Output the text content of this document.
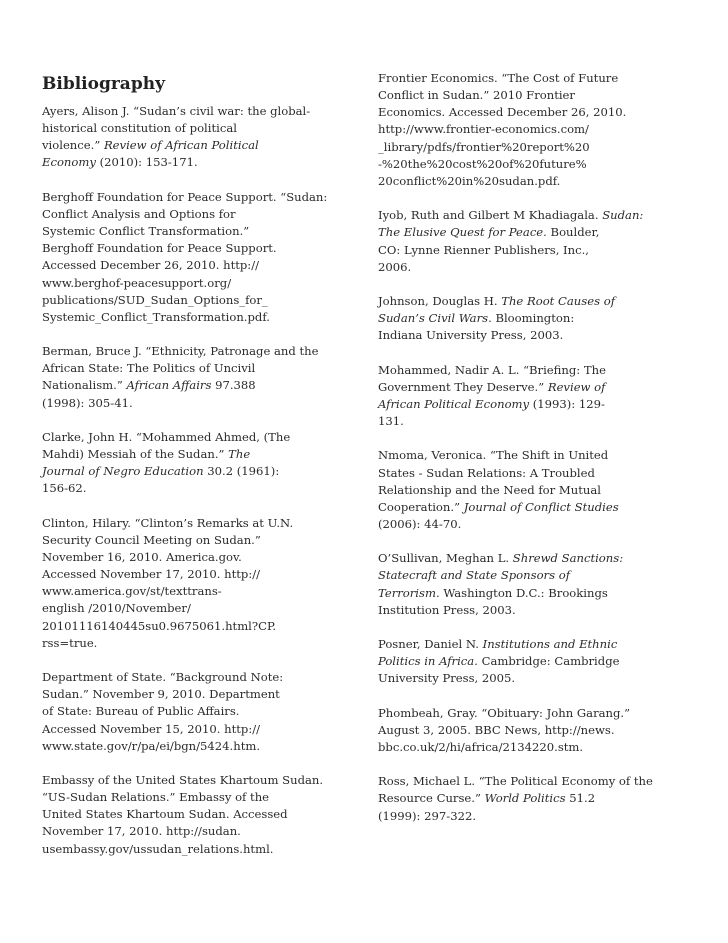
Bibliography
Ayers, Alison J. “Sudan’s civil war: the global-
historical constitution of political
violence.” Review of African Political
Economy (2010): 153-171.
Berghoff Foundation for Peace Support. “Sudan:
Conflict Analysis and Options for
Systemic Conflict Transformation.”
Berghoff Foundation for Peace Support.
Accessed December 26, 2010. http://
www.berghof-peacesupport.org/
publications/SUD_Sudan_Options_for_
Systemic_Conflict_Transformation.pdf.
Berman, Bruce J. “Ethnicity, Patronage and the
African State: The Politics of Uncivil
Nationalism.” African Affairs 97.388
(1998): 305-41.
Clarke, John H. “Mohammed Ahmed, (The
Mahdi) Messiah of the Sudan.” The
Journal of Negro Education 30.2 (1961):
156-62.
Clinton, Hilary. “Clinton’s Remarks at U.N.
Security Council Meeting on Sudan.”
November 16, 2010. America.gov.
Accessed November 17, 2010. http://
www.america.gov/st/texttrans-
english /2010/November/
20101116140445su0.9675061.html?CP.
rss=true.
Department of State. “Background Note:
Sudan.” November 9, 2010. Department
of State: Bureau of Public Affairs.
Accessed November 15, 2010. http://
www.state.gov/r/pa/ei/bgn/5424.htm.
Embassy of the United States Khartoum Sudan.
“US-Sudan Relations.” Embassy of the
United States Khartoum Sudan. Accessed
November 17, 2010. http://sudan.
usembassy.gov/ussudan_relations.html.
Frontier Economics. “The Cost of Future
Conflict in Sudan.” 2010 Frontier
Economics. Accessed December 26, 2010.
http://www.frontier-economics.com/
_library/pdfs/frontier%20report%20
-%20the%20cost%20of%20future%
20conflict%20in%20sudan.pdf.
Iyob, Ruth and Gilbert M Khadiagala. Sudan:
The Elusive Quest for Peace. Boulder,
CO: Lynne Rienner Publishers, Inc.,
2006.
Johnson, Douglas H. The Root Causes of
Sudan’s Civil Wars. Bloomington:
Indiana University Press, 2003.
Mohammed, Nadir A. L. “Briefing: The
Government They Deserve.” Review of
African Political Economy (1993): 129-
131.
Nmoma, Veronica. “The Shift in United
States - Sudan Relations: A Troubled
Relationship and the Need for Mutual
Cooperation.” Journal of Conflict Studies
(2006): 44-70.
O’Sullivan, Meghan L. Shrewd Sanctions:
Statecraft and State Sponsors of
Terrorism. Washington D.C.: Brookings
Institution Press, 2003.
Posner, Daniel N. Institutions and Ethnic
Politics in Africa. Cambridge: Cambridge
University Press, 2005.
Phombeah, Gray. “Obituary: John Garang.”
August 3, 2005. BBC News, http://news.
bbc.co.uk/2/hi/africa/2134220.stm.
Ross, Michael L. “The Political Economy of the
Resource Curse.” World Politics 51.2
(1999): 297-322.
